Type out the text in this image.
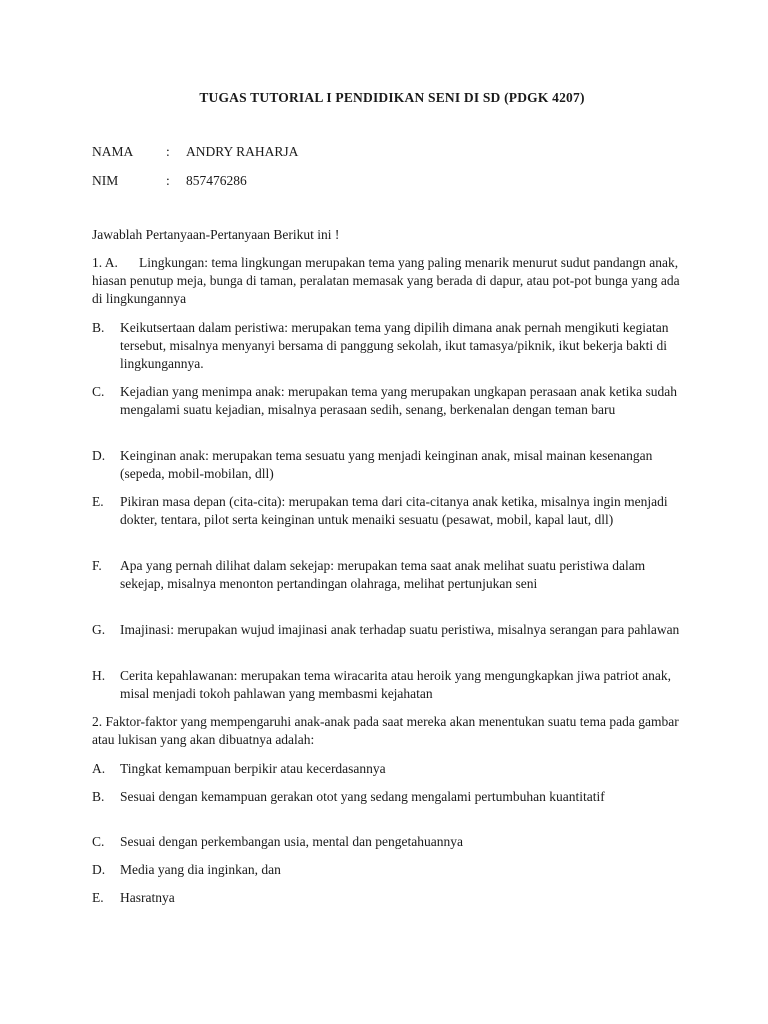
TUGAS TUTORIAL I PENDIDIKAN SENI DI SD (PDGK 4207)
NAMA : ANDRY RAHARJA
NIM	: 857476286
Jawablah Pertanyaan-Pertanyaan Berikut ini !
1. A. Lingkungan: tema lingkungan merupakan tema yang paling menarik menurut sudut pandangn anak, hiasan penutup meja, bunga di taman, peralatan memasak yang berada di dapur, atau pot-pot bunga yang ada di lingkungannya
B. Keikutsertaan dalam peristiwa: merupakan tema yang dipilih dimana anak pernah mengikuti kegiatan tersebut, misalnya menyanyi bersama di panggung sekolah, ikut tamasya/piknik, ikut bekerja bakti di lingkungannya.
C. Kejadian yang menimpa anak: merupakan tema yang merupakan ungkapan perasaan anak ketika sudah mengalami suatu kejadian, misalnya perasaan sedih, senang, berkenalan dengan teman baru
D. Keinginan anak: merupakan tema sesuatu yang menjadi keinginan anak, misal mainan kesenangan (sepeda, mobil-mobilan, dll)
E. Pikiran masa depan (cita-cita): merupakan tema dari cita-citanya anak ketika, misalnya ingin menjadi dokter, tentara, pilot serta keinginan untuk menaiki sesuatu (pesawat, mobil, kapal laut, dll)
F. Apa yang pernah dilihat dalam sekejap: merupakan tema saat anak melihat suatu peristiwa dalam sekejap, misalnya menonton pertandingan olahraga, melihat pertunjukan seni
G. Imajinasi: merupakan wujud imajinasi anak terhadap suatu peristiwa, misalnya serangan para pahlawan
H. Cerita kepahlawanan: merupakan tema wiracarita atau heroik yang mengungkapkan jiwa patriot anak, misal menjadi tokoh pahlawan yang membasmi kejahatan
2. Faktor-faktor yang mempengaruhi anak-anak pada saat mereka akan menentukan suatu tema pada gambar atau lukisan yang akan dibuatnya adalah:
A. Tingkat kemampuan berpikir atau kecerdasannya
B. Sesuai dengan kemampuan gerakan otot yang sedang mengalami pertumbuhan kuantitatif
C. Sesuai dengan perkembangan usia, mental dan pengetahuannya
D. Media yang dia inginkan, dan
E. Hasratnya
